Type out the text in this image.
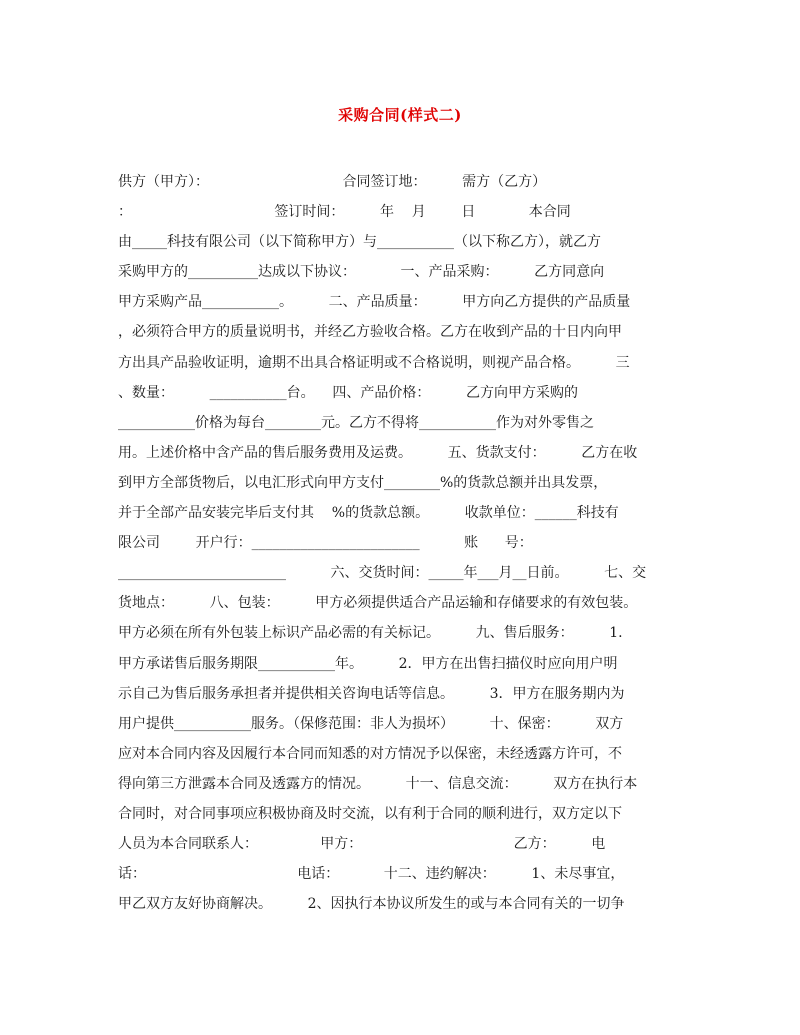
采购合同(样式二)
供方（甲方）：                              合同签订地：        需方（乙方）
：                                签订时间：        年    月        日            本合同
由_____科技有限公司（以下简称甲方）与___________（以下称乙方），就乙方
采购甲方的__________达成以下协议：          一、产品采购：        乙方同意向
甲方采购产品___________。        二、产品质量：        甲方向乙方提供的产品质量
，必须符合甲方的质量说明书，并经乙方验收合格。乙方在收到产品的十日内向甲
方出具产品验收证明，逾期不出具合格证明或不合格说明，则视产品合格。        三
、数量：        ___________台。    四、产品价格：        乙方向甲方采购的
___________价格为每台________元。乙方不得将___________作为对外零售之
用。上述价格中含产品的售后服务费用及运费。        五、货款支付：        乙方在收
到甲方全部货物后，以电汇形式向甲方支付________%的货款总额并出具发票，
并于全部产品安装完毕后支付其    %的货款总额。        收款单位：______科技有
限公司        开户行：________________________          账      号：
________________________          六、交货时间：_____年___月__日前。        七、交
货地点：        八、包装：        甲方必须提供适合产品运输和存储要求的有效包装。
甲方必须在所有外包装上标识产品必需的有关标记。        九、售后服务：        1.
甲方承诺售后服务期限___________年。        2．甲方在出售扫描仪时应向用户明
示自己为售后服务承担者并提供相关咨询电话等信息。        3．甲方在服务期内为
用户提供___________服务。（保修范围：非人为损坏）        十、保密：        双方
应对本合同内容及因履行本合同而知悉的对方情况予以保密，未经透露方许可，不
得向第三方泄露本合同及透露方的情况。        十一、信息交流：        双方在执行本
合同时，对合同事项应积极协商及时交流，以有利于合同的顺利进行，双方定以下
人员为本合同联系人：              甲方：                                  乙方：        电
话：                                  电话：          十二、违约解决：        1、未尽事宜，
甲乙双方友好协商解决。        2、因执行本协议所发生的或与本合同有关的一切争
